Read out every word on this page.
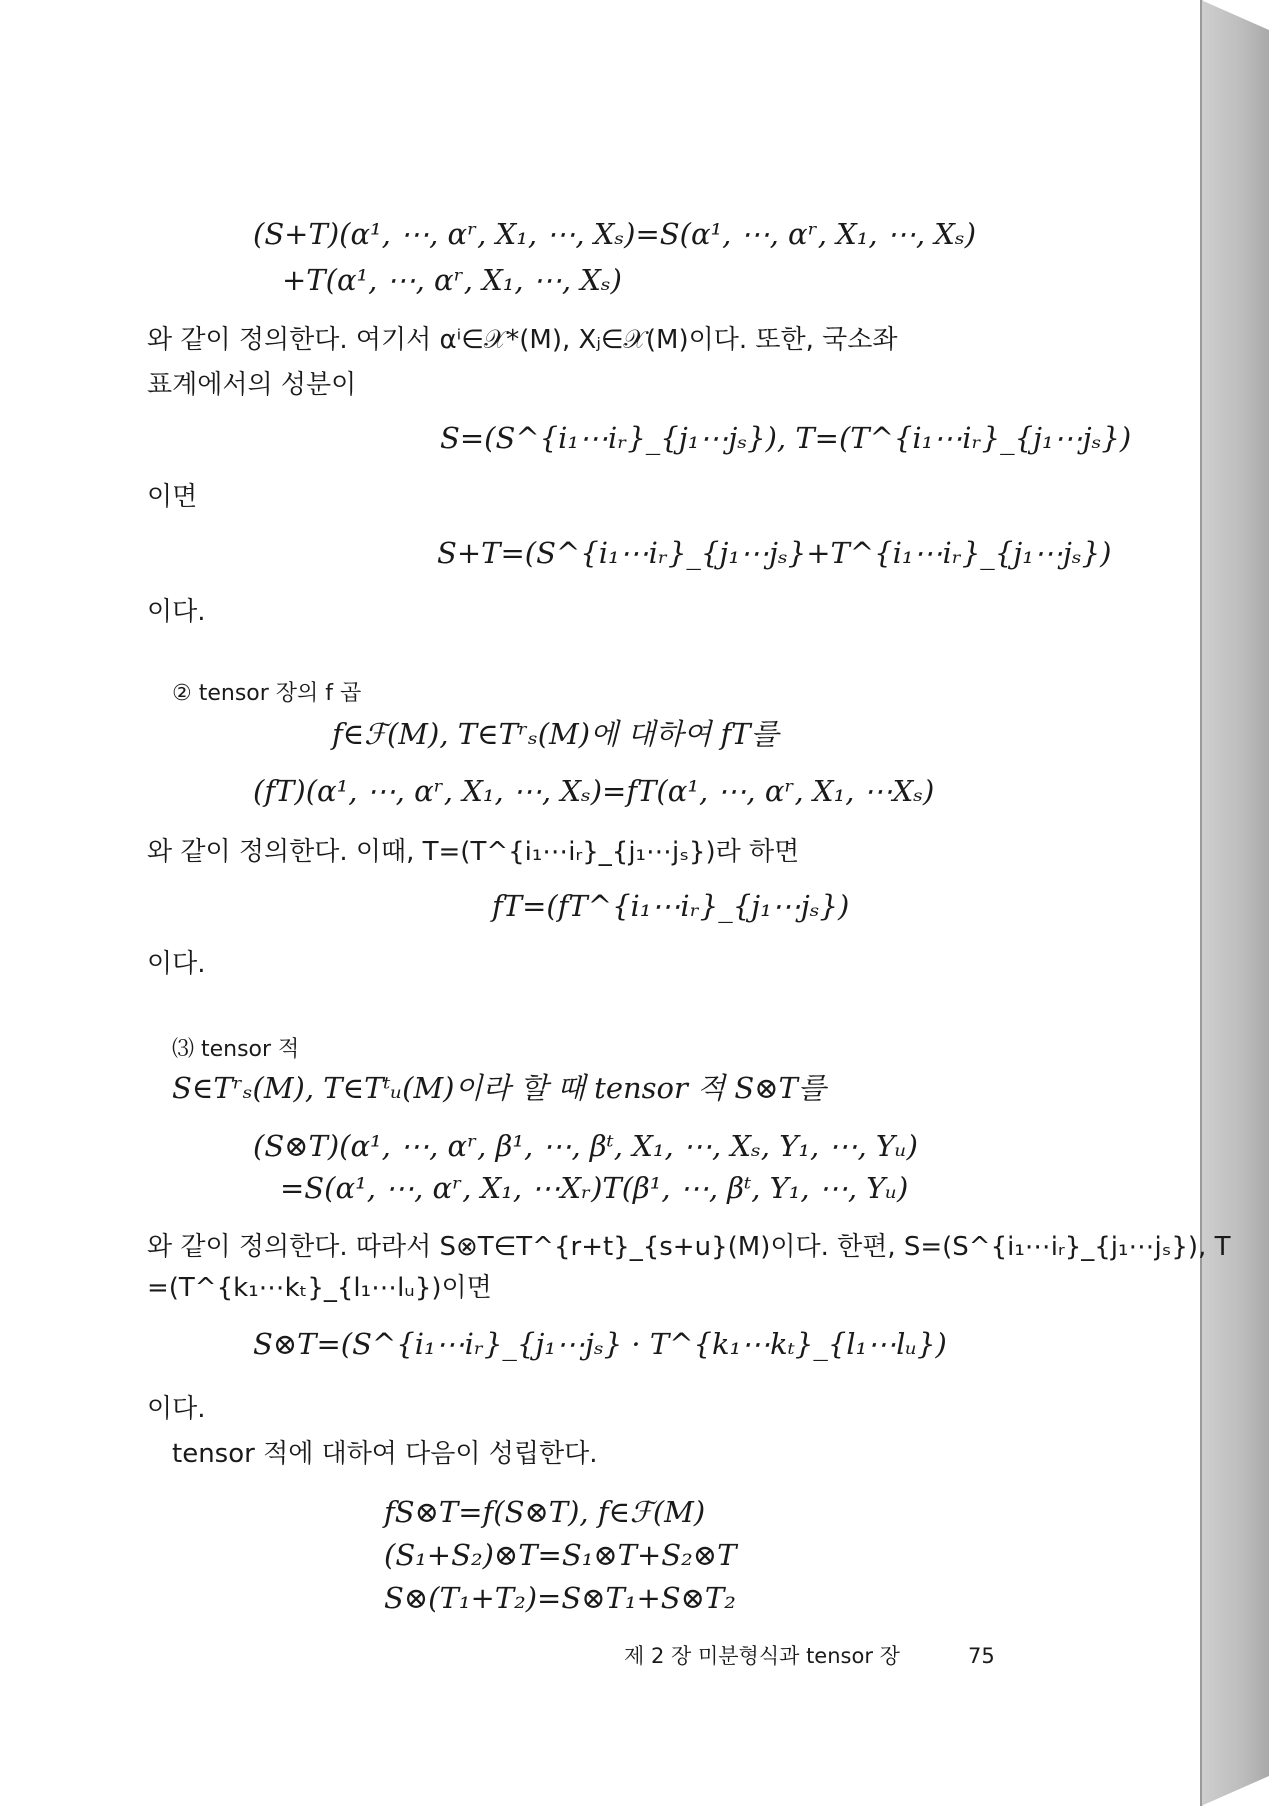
(S+T)(α¹, ⋯, αʳ, X₁, ⋯, Xₛ)=S(α¹, ⋯, αʳ, X₁, ⋯, Xₛ)
+T(α¹, ⋯, αʳ, X₁, ⋯, Xₛ)
와 같이 정의한다. 여기서 αⁱ∈𝒳*(M), Xⱼ∈𝒳(M)이다. 또한, 국소좌
표계에서의 성분이
S=(S^{i₁⋯iᵣ}_{j₁⋯jₛ}), T=(T^{i₁⋯iᵣ}_{j₁⋯jₛ})
이면
S+T=(S^{i₁⋯iᵣ}_{j₁⋯jₛ}+T^{i₁⋯iᵣ}_{j₁⋯jₛ})
이다.
② tensor 장의 f 곱
f∈ℱ(M), T∈Tʳₛ(M)에 대하여 fT를
(fT)(α¹, ⋯, αʳ, X₁, ⋯, Xₛ)=fT(α¹, ⋯, αʳ, X₁, ⋯Xₛ)
와 같이 정의한다. 이때, T=(T^{i₁⋯iᵣ}_{j₁⋯jₛ})라 하면
fT=(fT^{i₁⋯iᵣ}_{j₁⋯jₛ})
이다.
⑶ tensor 적
S∈Tʳₛ(M), T∈Tᵗᵤ(M)이라 할 때 tensor 적 S⊗T를
(S⊗T)(α¹, ⋯, αʳ, β¹, ⋯, βᵗ, X₁, ⋯, Xₛ, Y₁, ⋯, Yᵤ)
=S(α¹, ⋯, αʳ, X₁, ⋯Xᵣ)T(β¹, ⋯, βᵗ, Y₁, ⋯, Yᵤ)
와 같이 정의한다. 따라서 S⊗T∈T^{r+t}_{s+u}(M)이다. 한편, S=(S^{i₁⋯iᵣ}_{j₁⋯jₛ}), T
=(T^{k₁⋯kₜ}_{l₁⋯lᵤ})이면
S⊗T=(S^{i₁⋯iᵣ}_{j₁⋯jₛ} · T^{k₁⋯kₜ}_{l₁⋯lᵤ})
이다.
tensor 적에 대하여 다음이 성립한다.
fS⊗T=f(S⊗T), f∈ℱ(M)
(S₁+S₂)⊗T=S₁⊗T+S₂⊗T
S⊗(T₁+T₂)=S⊗T₁+S⊗T₂
제 2 장 미분형식과 tensor 장	75
